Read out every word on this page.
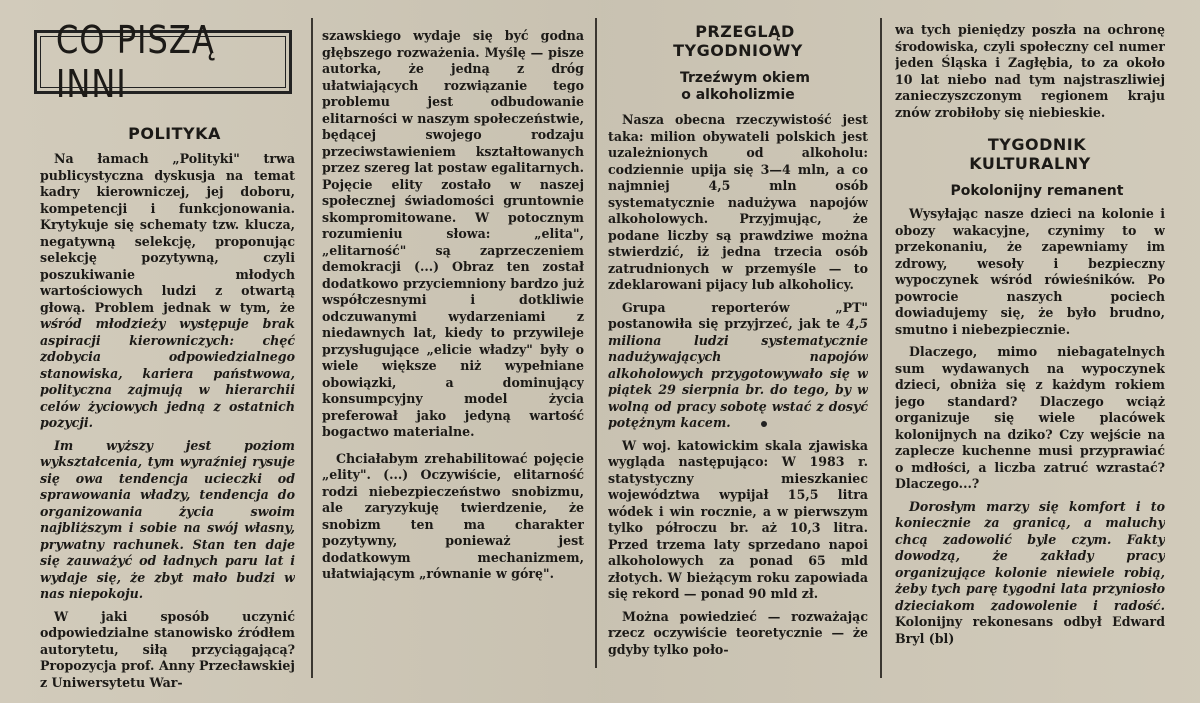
CO PISZĄ INNI

POLITYKA

Na łamach „Polityki" trwa publicystyczna dyskusja na temat kadry kierowniczej, jej doboru, kompetencji i funkcjonowania. Krytykuje się schematy tzw. klucza, negatywną selekcję, proponując selekcję pozytywną, czyli poszukiwanie młodych wartościowych ludzi z otwartą głową. Problem jednak w tym, że wśród młodzieży występuje brak aspiracji kierowniczych: chęć zdobycia odpowiedzialnego stanowiska, kariera państwowa, polityczna zajmują w hierarchii celów życiowych jedną z ostatnich pozycji.

Im wyższy jest poziom wykształcenia, tym wyraźniej rysuje się owa tendencja ucieczki od sprawowania władzy, tendencja do organizowania życia swoim najbliższym i sobie na swój własny, prywatny rachunek. Stan ten daje się zauważyć od ładnych paru lat i wydaje się, że zbyt mało budzi w nas niepokoju.

W jaki sposób uczynić odpowiedzialne stanowisko źródłem autorytetu, siłą przyciągającą? Propozycja prof. Anny Przecławskiej z Uniwersytetu War-

szawskiego wydaje się być godna głębszego rozważenia. Myślę — pisze autorka, że jedną z dróg ułatwiających rozwiązanie tego problemu jest odbudowanie elitarności w naszym społeczeństwie, będącej swojego rodzaju przeciwstawieniem kształtowanych przez szereg lat postaw egalitarnych. Pojęcie elity zostało w naszej społecznej świadomości gruntownie skompromitowane. W potocznym rozumieniu słowa: „elita", „elitarność" są zaprzeczeniem demokracji (...) Obraz ten został dodatkowo przyciemniony bardzo już współczesnymi i dotkliwie odczuwanymi wydarzeniami z niedawnych lat, kiedy to przywileje przysługujące „elicie władzy" były o wiele większe niż wypełniane obowiązki, a dominujący konsumpcyjny model życia preferował jako jedyną wartość bogactwo materialne.

Chciałabym zrehabilitować pojęcie „elity". (...) Oczywiście, elitarność rodzi niebezpieczeństwo snobizmu, ale zaryzykuję twierdzenie, że snobizm ten ma charakter pozytywny, ponieważ jest dodatkowym mechanizmem, ułatwiającym „równanie w górę".

PRZEGLĄD TYGODNIOWY

Trzeźwym okiem o alkoholizmie

Nasza obecna rzeczywistość jest taka: milion obywateli polskich jest uzależnionych od alkoholu: codziennie upija się 3—4 mln, a co najmniej 4,5 mln osób systematycznie nadużywa napojów alkoholowych. Przyjmując, że podane liczby są prawdziwe można stwierdzić, iż jedna trzecia osób zatrudnionych w przemyśle — to zdeklarowani pijacy lub alkoholicy.

Grupa reporterów „PT" postanowiła się przyjrzeć, jak te 4,5 miliona ludzi systematycznie nadużywających napojów alkoholowych przygotowywało się w piątek 29 sierpnia br. do tego, by w wolną od pracy sobotę wstać z dosyć potężnym kacem.

W woj. katowickim skala zjawiska wygląda następująco: W 1983 r. statystyczny mieszkaniec województwa wypijał 15,5 litra wódek i win rocznie, a w pierwszym tylko półroczu br. aż 10,3 litra. Przed trzema laty sprzedano napoi alkoholowych za ponad 65 mld złotych. W bieżącym roku zapowiada się rekord — ponad 90 mld zł.

Można powiedzieć — rozważając rzecz oczywiście teoretycznie — że gdyby tylko poło-

wa tych pieniędzy poszła na ochronę środowiska, czyli społeczny cel numer jeden Śląska i Zagłębia, to za około 10 lat niebo nad tym najstraszliwiej zanieczyszczonym regionem kraju znów zrobiłoby się niebieskie.

TYGODNIK KULTURALNY

Pokolonijny remanent

Wysyłając nasze dzieci na kolonie i obozy wakacyjne, czynimy to w przekonaniu, że zapewniamy im zdrowy, wesoły i bezpieczny wypoczynek wśród rówieśników. Po powrocie naszych pociech dowiadujemy się, że było brudno, smutno i niebezpiecznie.

Dlaczego, mimo niebagatelnych sum wydawanych na wypoczynek dzieci, obniża się z każdym rokiem jego standard? Dlaczego wciąż organizuje się wiele placówek kolonijnych na dziko? Czy wejście na zaplecze kuchenne musi przyprawiać o mdłości, a liczba zatruć wzrastać? Dlaczego...?

Dorosłym marzy się komfort i to koniecznie za granicą, a maluchy chcą zadowolić byle czym. Fakty dowodzą, że zakłady pracy organizujące kolonie niewiele robią, żeby tych parę tygodni lata przyniosło dzieciakom zadowolenie i radość. Kolonijny rekonesans odbył Edward Bryl (bl)
